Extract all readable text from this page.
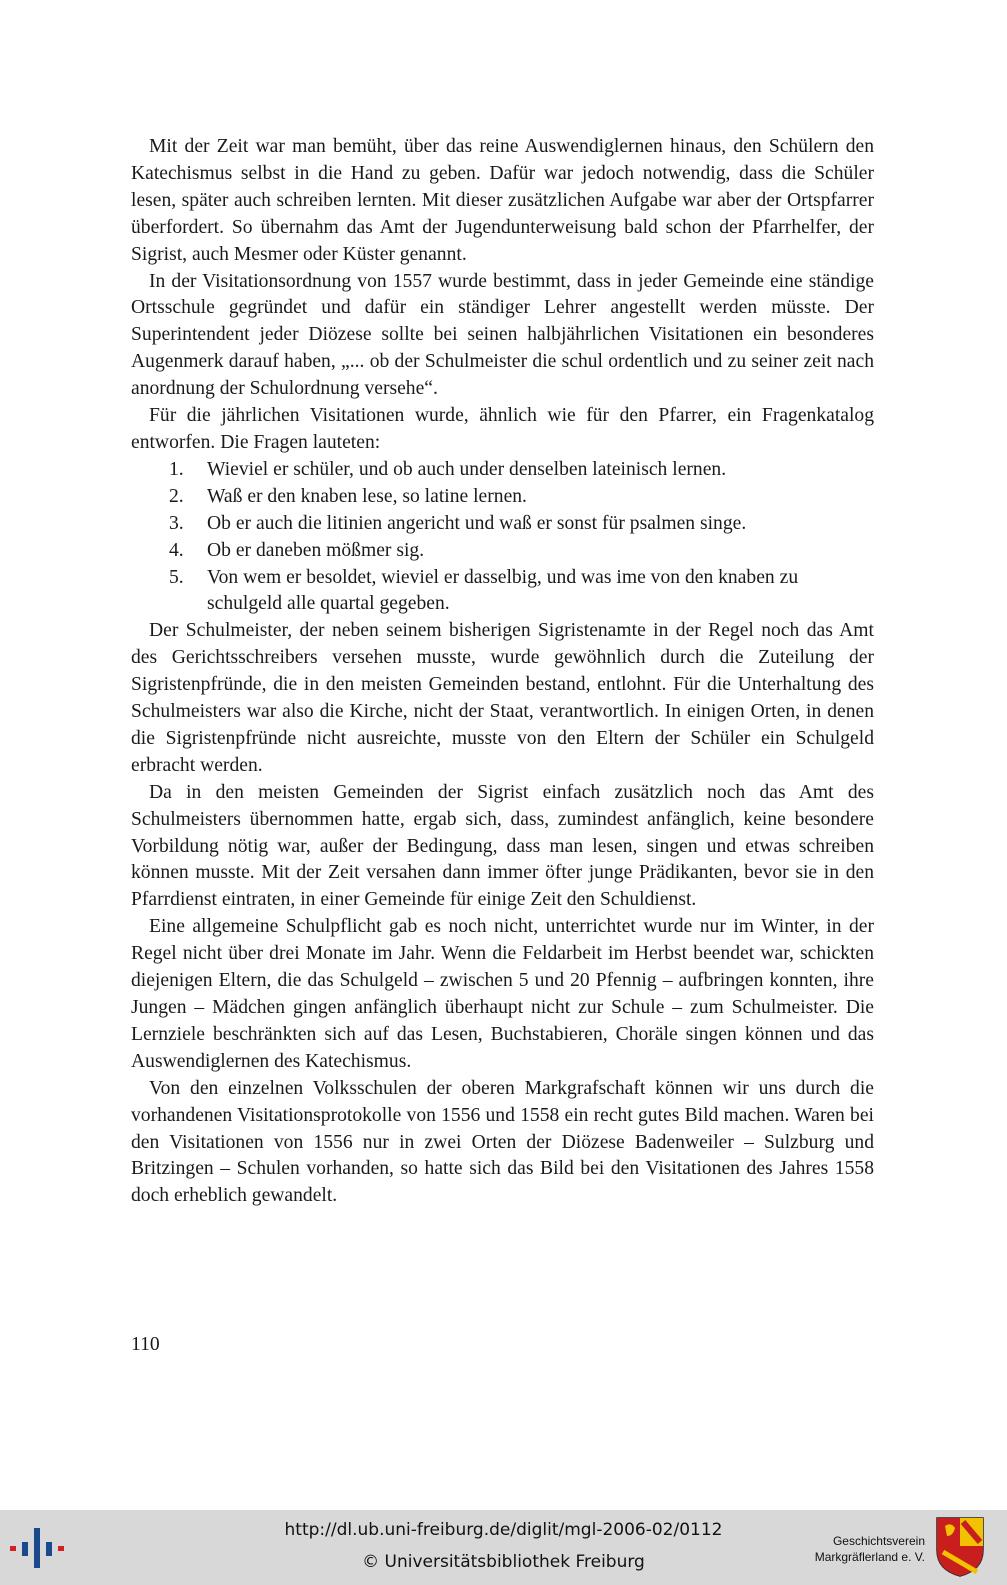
Mit der Zeit war man bemüht, über das reine Auswendiglernen hinaus, den Schülern den Katechismus selbst in die Hand zu geben. Dafür war jedoch notwendig, dass die Schüler lesen, später auch schreiben lernten. Mit dieser zusätzlichen Aufgabe war aber der Ortspfarrer überfordert. So übernahm das Amt der Jugendunterweisung bald schon der Pfarrhelfer, der Sigrist, auch Mesmer oder Küster genannt.

In der Visitationsordnung von 1557 wurde bestimmt, dass in jeder Gemeinde eine ständige Ortsschule gegründet und dafür ein ständiger Lehrer angestellt werden müsste. Der Superintendent jeder Diözese sollte bei seinen halbjährlichen Visitationen ein besonderes Augenmerk darauf haben, „... ob der Schulmeister die schul ordentlich und zu seiner zeit nach anordnung der Schulordnung versehe“.

Für die jährlichen Visitationen wurde, ähnlich wie für den Pfarrer, ein Fragenkatalog entworfen. Die Fragen lauteten:

1.	Wieviel er schüler, und ob auch under denselben lateinisch lernen.
2.	Waß er den knaben lese, so latine lernen.
3.	Ob er auch die litinien angericht und waß er sonst für psalmen singe.
4.	Ob er daneben mößmer sig.
5.	Von wem er besoldet, wieviel er dasselbig, und was ime von den knaben zu schulgeld alle quartal gegeben.

Der Schulmeister, der neben seinem bisherigen Sigristenamte in der Regel noch das Amt des Gerichtsschreibers versehen musste, wurde gewöhnlich durch die Zuteilung der Sigristenpfründe, die in den meisten Gemeinden bestand, entlohnt. Für die Unterhaltung des Schulmeisters war also die Kirche, nicht der Staat, verantwortlich. In einigen Orten, in denen die Sigristenpfründe nicht ausreichte, musste von den Eltern der Schüler ein Schulgeld erbracht werden.

Da in den meisten Gemeinden der Sigrist einfach zusätzlich noch das Amt des Schulmeisters übernommen hatte, ergab sich, dass, zumindest anfänglich, keine besondere Vorbildung nötig war, außer der Bedingung, dass man lesen, singen und etwas schreiben können musste. Mit der Zeit versahen dann immer öfter junge Prädikanten, bevor sie in den Pfarrdienst eintraten, in einer Gemeinde für einige Zeit den Schuldienst.

Eine allgemeine Schulpflicht gab es noch nicht, unterrichtet wurde nur im Winter, in der Regel nicht über drei Monate im Jahr. Wenn die Feldarbeit im Herbst beendet war, schickten diejenigen Eltern, die das Schulgeld – zwischen 5 und 20 Pfennig – aufbringen konnten, ihre Jungen – Mädchen gingen anfänglich überhaupt nicht zur Schule – zum Schulmeister. Die Lernziele beschränkten sich auf das Lesen, Buchstabieren, Choräle singen können und das Auswendiglernen des Katechismus.

Von den einzelnen Volksschulen der oberen Markgrafschaft können wir uns durch die vorhandenen Visitationsprotokolle von 1556 und 1558 ein recht gutes Bild machen. Waren bei den Visitationen von 1556 nur in zwei Orten der Diözese Badenweiler – Sulzburg und Britzingen – Schulen vorhanden, so hatte sich das Bild bei den Visitationen des Jahres 1558 doch erheblich gewandelt.

110
http://dl.ub.uni-freiburg.de/diglit/mgl-2006-02/0112
© Universitätsbibliothek Freiburg
Geschichtsverein
Markgräflerland e. V.
